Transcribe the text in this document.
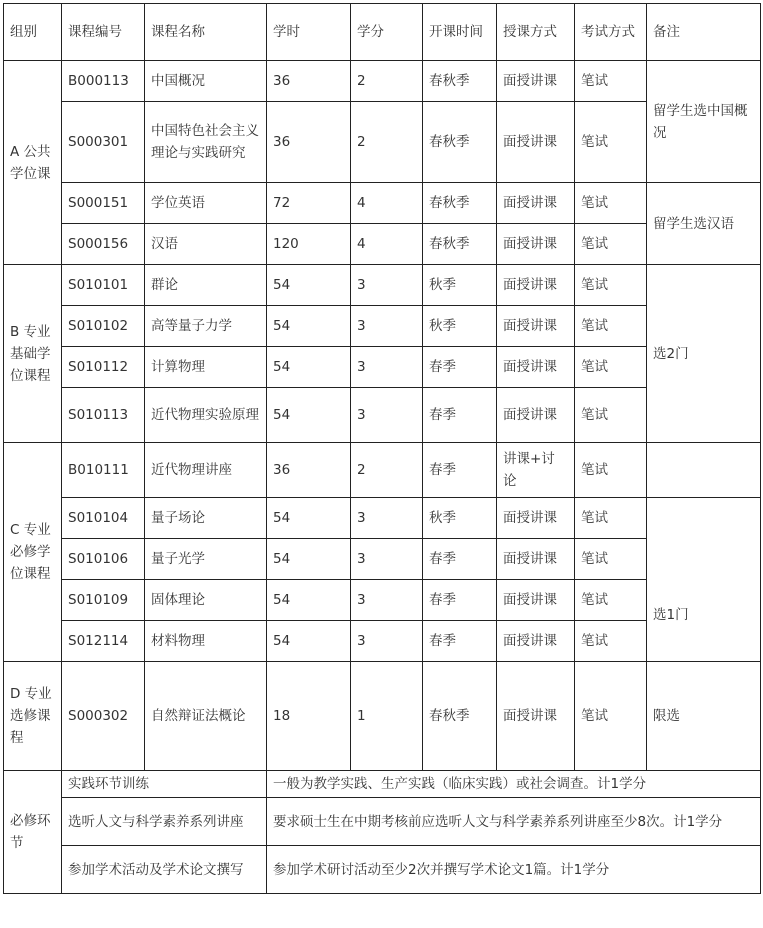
组别	课程编号	课程名称	学时	学分	开课时间	授课方式	考试方式	备注
A 公共学位课	B000113	中国概况	36	2	春秋季	面授讲课	笔试	留学生选中国概况
	S000301	中国特色社会主义理论与实践研究	36	2	春秋季	面授讲课	笔试	
	S000151	学位英语	72	4	春秋季	面授讲课	笔试	留学生选汉语
	S000156	汉语	120	4	春秋季	面授讲课	笔试	
B 专业基础学位课程	S010101	群论	54	3	秋季	面授讲课	笔试	选2门
	S010102	高等量子力学	54	3	秋季	面授讲课	笔试	
	S010112	计算物理	54	3	春季	面授讲课	笔试	
	S010113	近代物理实验原理	54	3	春季	面授讲课	笔试	
C 专业必修学位课程	B010111	近代物理讲座	36	2	春季	讲课+讨论	笔试	
	S010104	量子场论	54	3	秋季	面授讲课	笔试	选1门
	S010106	量子光学	54	3	春季	面授讲课	笔试	
	S010109	固体理论	54	3	春季	面授讲课	笔试	
	S012114	材料物理	54	3	春季	面授讲课	笔试	
D 专业选修课程	S000302	自然辩证法概论	18	1	春秋季	面授讲课	笔试	限选
必修环节	实践环节训练		一般为教学实践、生产实践（临床实践）或社会调查。计1学分					
	选听人文与科学素养系列讲座		要求硕士生在中期考核前应选听人文与科学素养系列讲座至少8次。计1学分					
	参加学术活动及学术论文撰写		参加学术研讨活动至少2次并撰写学术论文1篇。计1学分					
